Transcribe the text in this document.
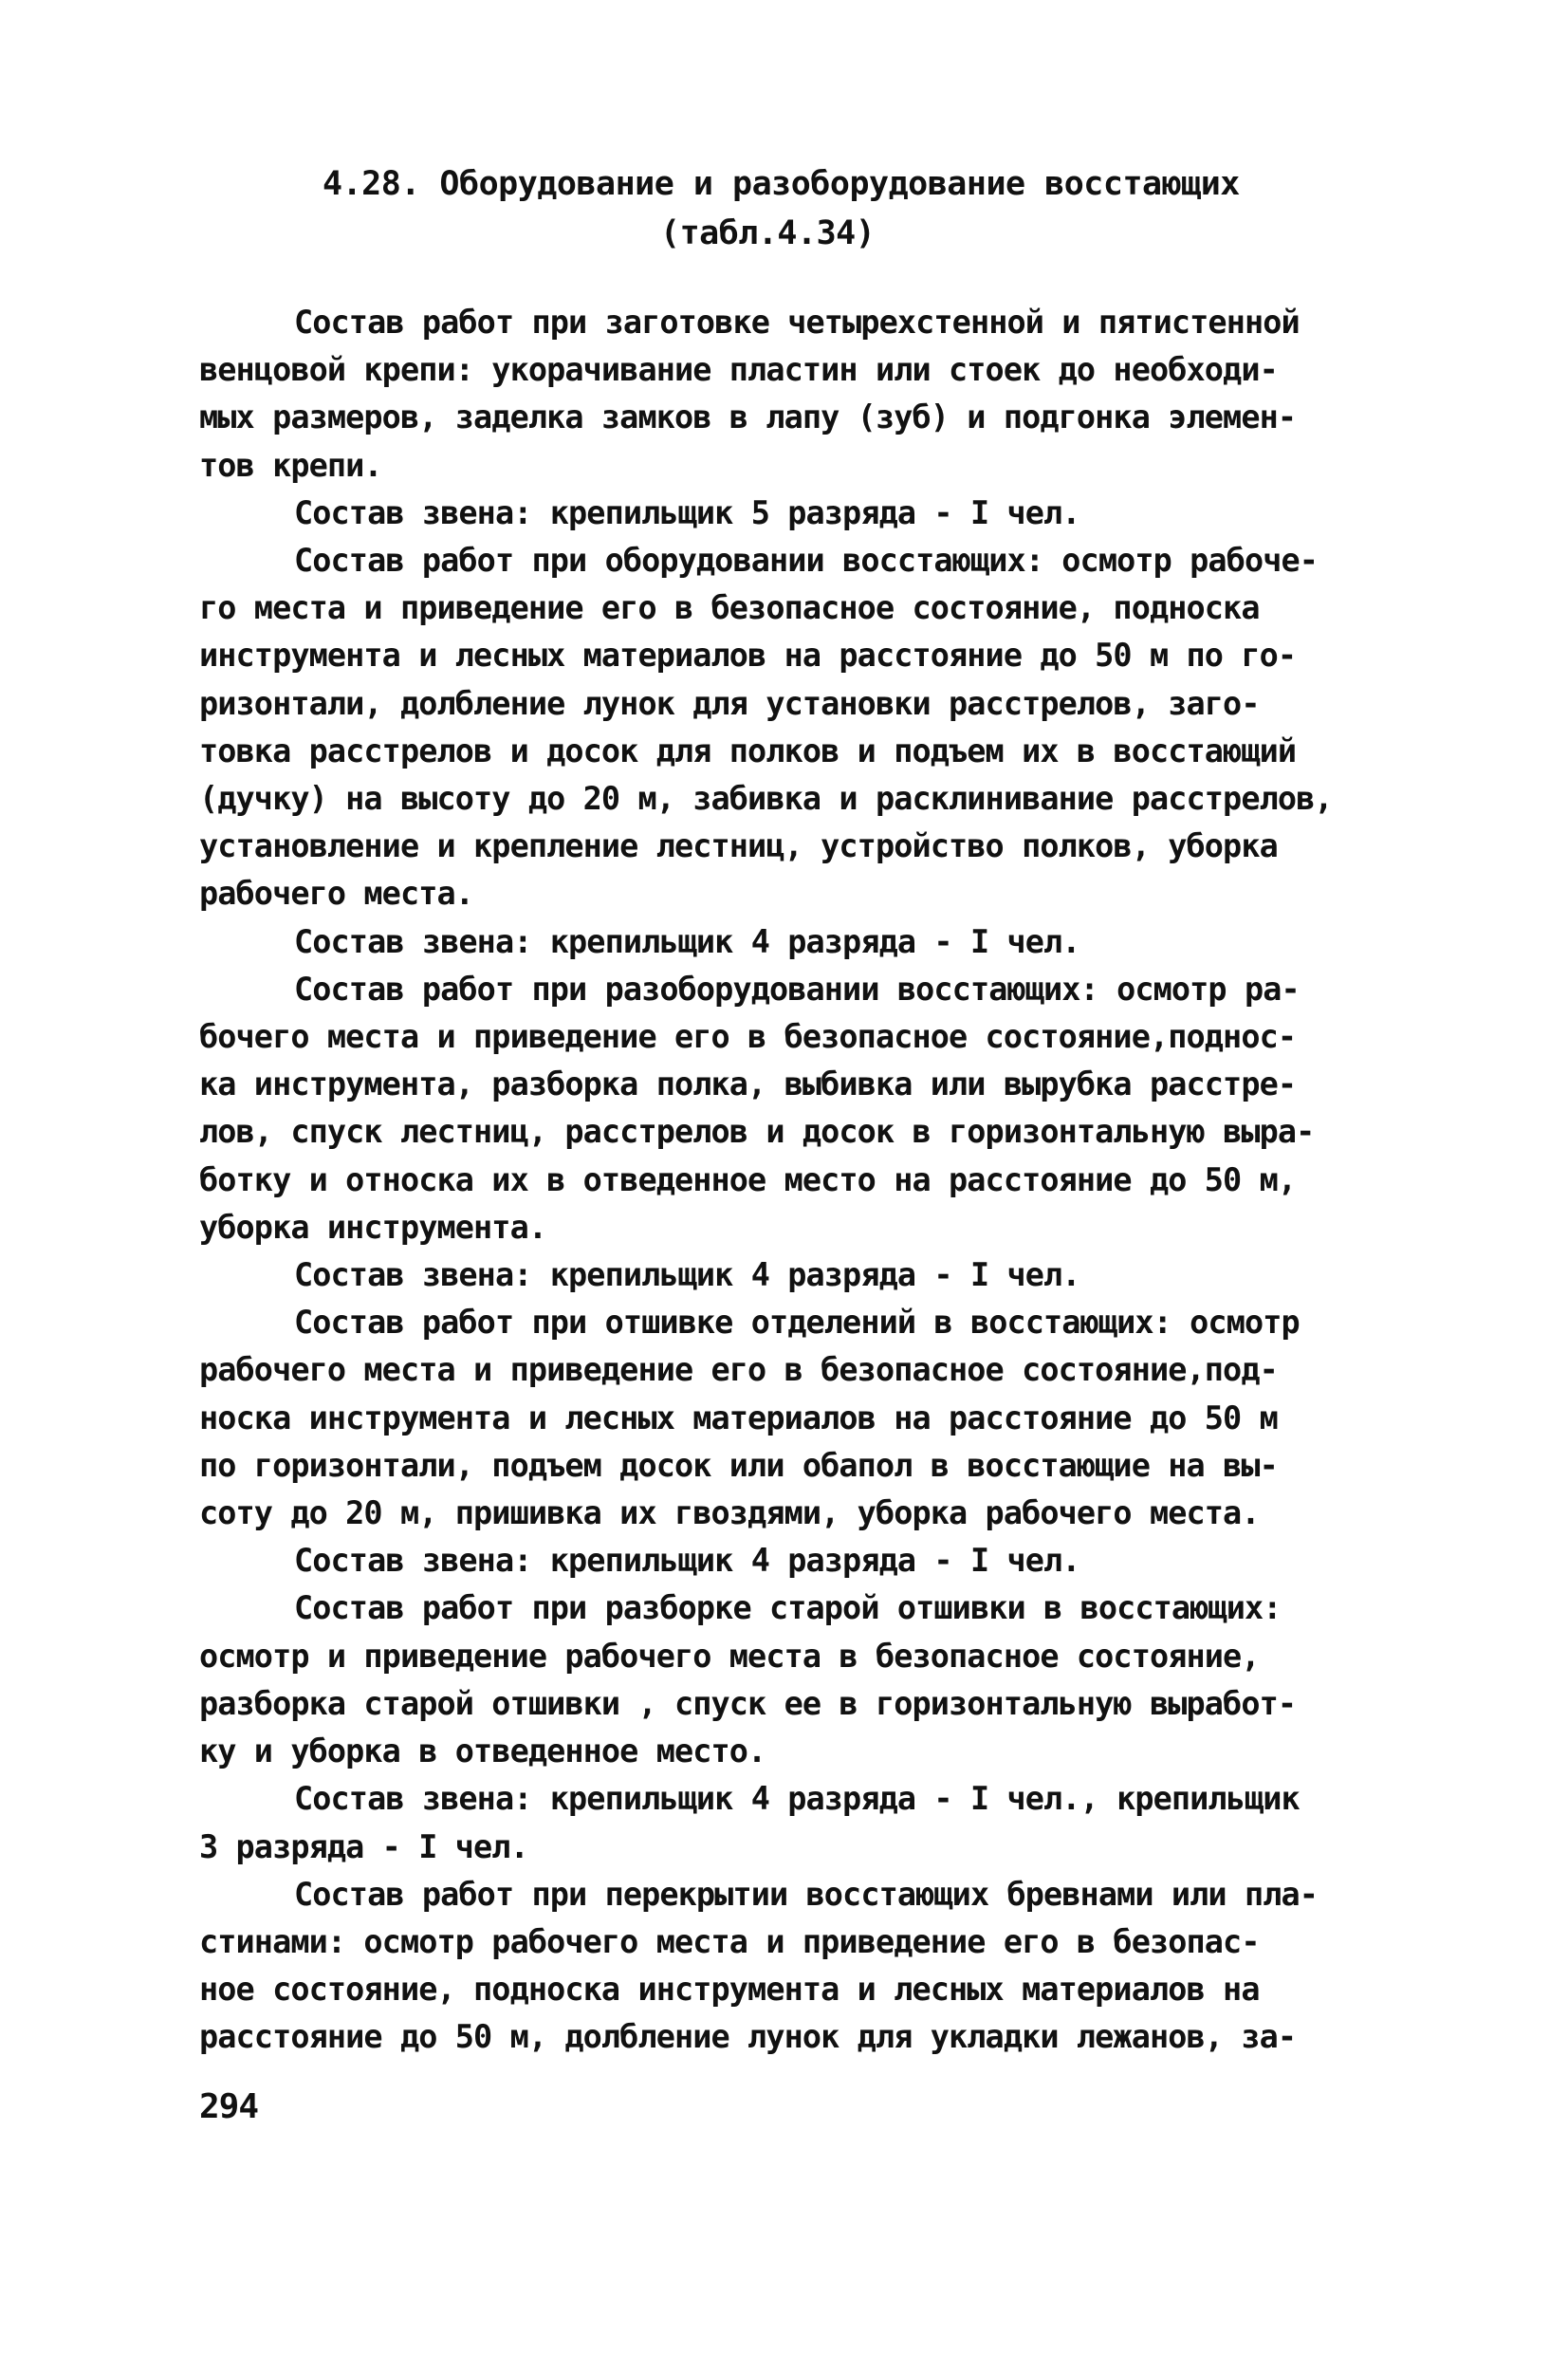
4.28. Оборудование и разоборудование восстающих
(табл.4.34)

Состав работ при заготовке четырехстенной и пятистенной
венцовой крепи: укорачивание пластин или стоек до необходи-
мых размеров, заделка замков в лапу (зуб) и подгонка элемен-
тов крепи.

Состав звена: крепильщик 5 разряда - I чел.

Состав работ при оборудовании восстающих: осмотр рабоче-
го места и приведение его в безопасное состояние, подноска
инструмента и лесных материалов на расстояние до 50 м по го-
ризонтали, долбление лунок для установки расстрелов, заго-
товка расстрелов и досок для полков и подъем их в восстающий
(дучку) на высоту до 20 м, забивка и расклинивание расстрелов,
установление и крепление лестниц, устройство полков, уборка
рабочего места.

Состав звена: крепильщик 4 разряда - I чел.

Состав работ при разоборудовании восстающих: осмотр ра-
бочего места и приведение его в безопасное состояние,поднос-
ка инструмента, разборка полка, выбивка или вырубка расстре-
лов, спуск лестниц, расстрелов и досок в горизонтальную выра-
ботку и относка их в отведенное место на расстояние до 50 м,
уборка инструмента.

Состав звена: крепильщик 4 разряда - I чел.

Состав работ при отшивке отделений в восстающих: осмотр
рабочего места и приведение его в безопасное состояние,под-
носка инструмента и лесных материалов на расстояние до 50 м
по горизонтали, подъем досок или обапол в восстающие на вы-
соту до 20 м, пришивка их гвоздями, уборка рабочего места.

Состав звена: крепильщик 4 разряда - I чел.

Состав работ при разборке старой отшивки в восстающих:
осмотр и приведение рабочего места в безопасное состояние,
разборка старой отшивки , спуск ее в горизонтальную выработ-
ку и уборка в отведенное место.

Состав звена: крепильщик 4 разряда - I чел., крепильщик
3 разряда - I чел.

Состав работ при перекрытии восстающих бревнами или пла-
стинами: осмотр рабочего места и приведение его в безопас-
ное состояние, подноска инструмента и лесных материалов на
расстояние до 50 м, долбление лунок для укладки лежанов, за-

294
